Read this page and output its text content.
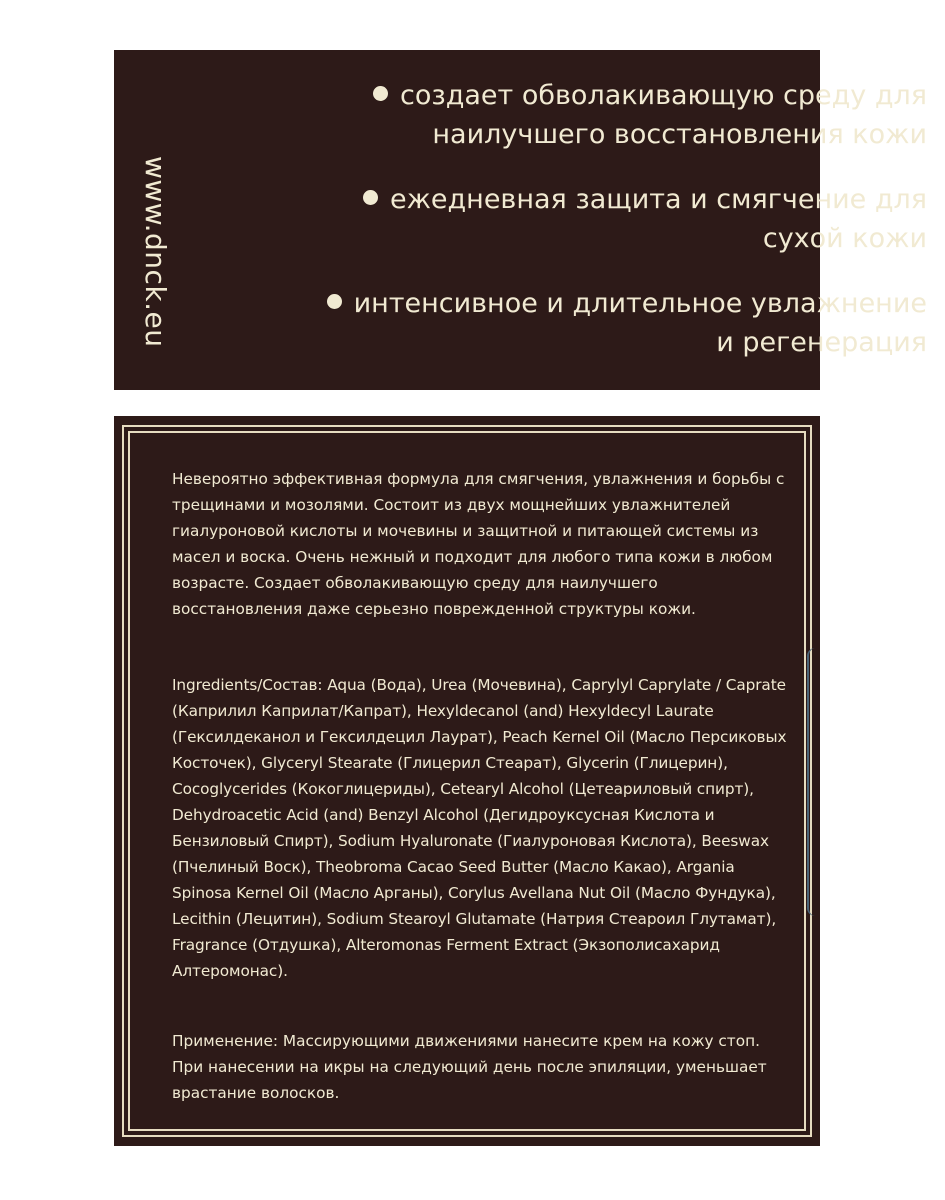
www.dnck.eu
создает обволакивающую среду для наилучшего восстановления кожи
ежедневная защита и смягчение для сухой кожи
интенсивное и длительное увлажнение и регенерация

Невероятно эффективная формула для смягчения, увлажнения и борьбы с трещинами и мозолями. Состоит из двух мощнейших увлажнителей гиалуроновой кислоты и мочевины и защитной и питающей системы из масел и воска. Очень нежный и подходит для любого типа кожи в любом возрасте. Создает обволакивающую среду для наилучшего восстановления даже серьезно поврежденной структуры кожи.

Ingredients/Состав: Aqua (Вода), Urea (Мочевина), Caprylyl Caprylate / Caprate (Каприлил Каприлат/Капрат), Hexyldecanol (and) Hexyldecyl Laurate (Гексилдеканол и Гексилдецил Лаурат), Peach Kernel Oil (Масло Персиковых Косточек), Glyceryl Stearate (Глицерил Стеарат), Glycerin (Глицерин), Cocoglycerides (Кокоглицериды), Cetearyl Alcohol (Цетеариловый спирт), Dehydroacetic Acid (and) Benzyl Alcohol (Дегидроуксусная Кислота и Бензиловый Спирт), Sodium Hyaluronate (Гиалуроновая Кислота), Beeswax (Пчелиный Воск), Theobroma Cacao Seed Butter (Масло Какао), Argania Spinosa Kernel Oil (Масло Арганы), Corylus Avellana Nut Oil (Масло Фундука), Lecithin (Лецитин), Sodium Stearoyl Glutamate (Натрия Стеароил Глутамат), Fragrance (Отдушка), Alteromonas Ferment Extract (Экзополисахарид Алтеромонас).

Применение: Массирующими движениями нанесите крем на кожу стоп. При нанесении на икры на следующий день после эпиляции, уменьшает врастание волосков.
